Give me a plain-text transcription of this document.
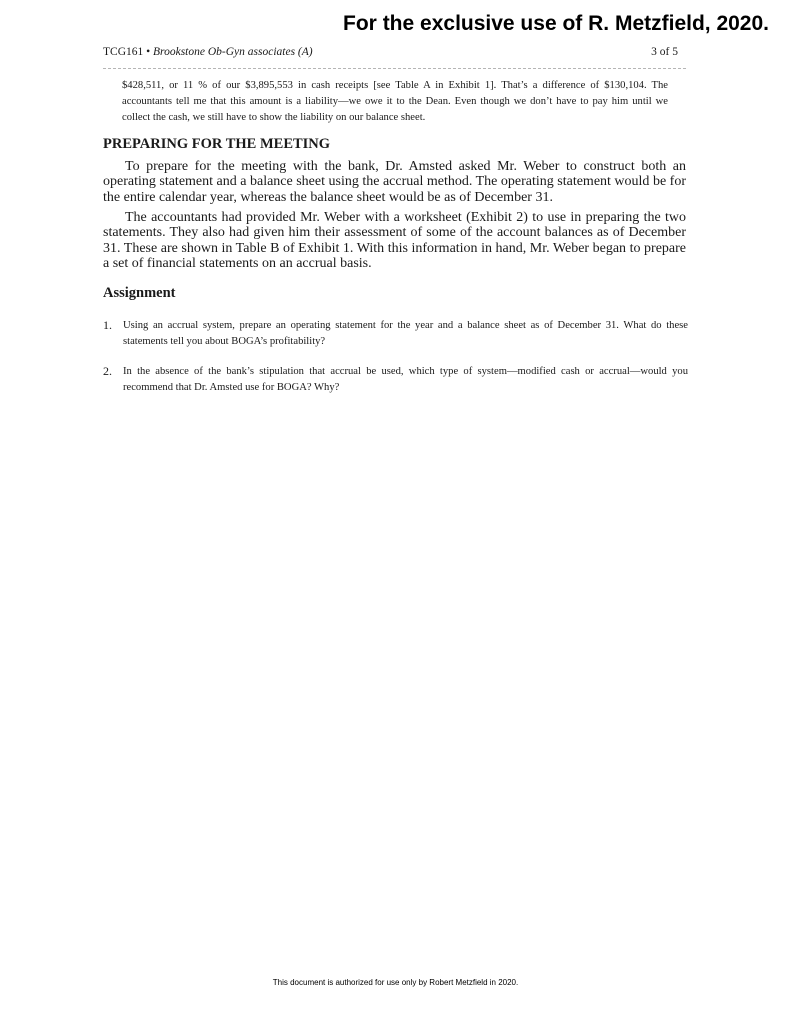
For the exclusive use of R. Metzfield, 2020.
TCG161 • Brookstone Ob-Gyn associates (A)	3 of 5

$428,511, or 11 % of our $3,895,553 in cash receipts [see Table A in Exhibit 1]. That’s a difference of $130,104. The accountants tell me that this amount is a liability—we owe it to the Dean. Even though we don’t have to pay him until we collect the cash, we still have to show the liability on our balance sheet.

PREPARING FOR THE MEETING

To prepare for the meeting with the bank, Dr. Amsted asked Mr. Weber to construct both an operating statement and a balance sheet using the accrual method. The operating statement would be for the entire calendar year, whereas the balance sheet would be as of December 31.

The accountants had provided Mr. Weber with a worksheet (Exhibit 2) to use in preparing the two statements. They also had given him their assessment of some of the account balances as of December 31. These are shown in Table B of Exhibit 1. With this information in hand, Mr. Weber began to prepare a set of financial statements on an accrual basis.

Assignment
1. Using an accrual system, prepare an operating statement for the year and a balance sheet as of December 31. What do these statements tell you about BOGA’s profitability?

2. In the absence of the bank’s stipulation that accrual be used, which type of system—modified cash or accrual—would you recommend that Dr. Amsted use for BOGA? Why?

This document is authorized for use only by Robert Metzfield in 2020.
